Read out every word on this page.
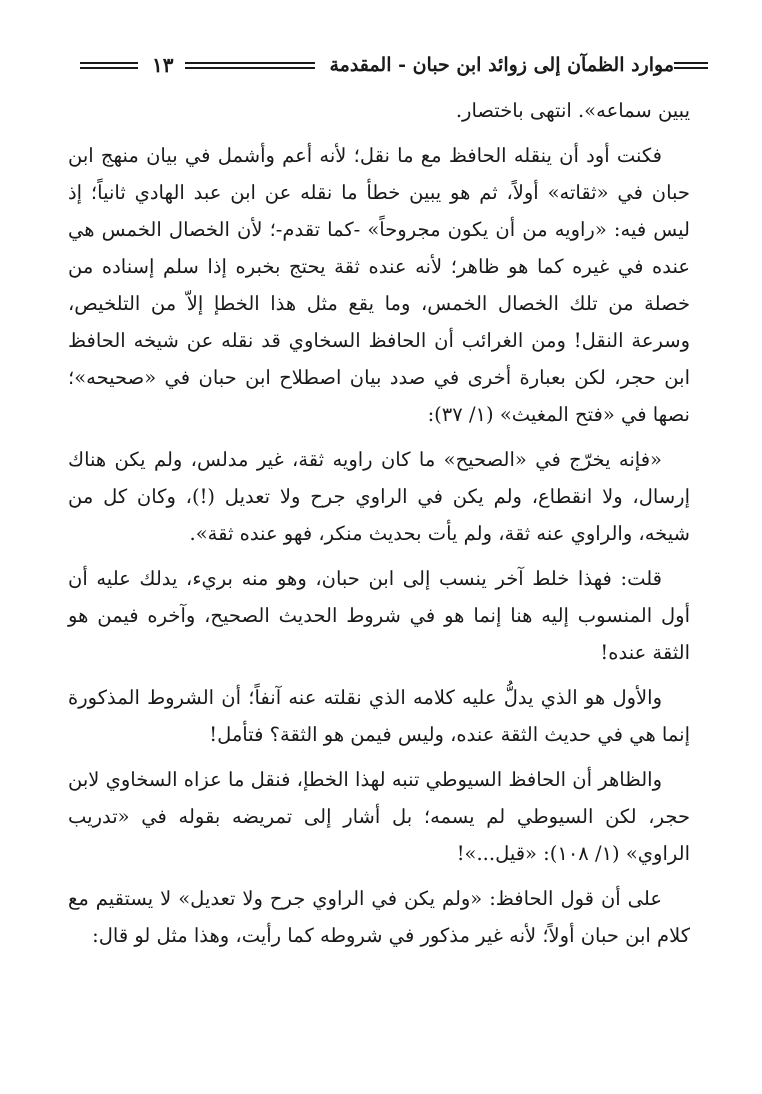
موارد الظمآن إلى زوائد ابن حبان - المقدمة
١٣

يبين سماعه». انتهى باختصار.

فكنت أود أن ينقله الحافظ مع ما نقل؛ لأنه أعم وأشمل في بيان منهج ابن حبان في «ثقاته» أولاً، ثم هو يبين خطأ ما نقله عن ابن عبد الهادي ثانياً؛ إذ ليس فيه: «راويه من أن يكون مجروحاً» -كما تقدم-؛ لأن الخصال الخمس هي عنده في غيره كما هو ظاهر؛ لأنه عنده ثقة يحتج بخبره إذا سلم إسناده من خصلة من تلك الخصال الخمس، وما يقع مثل هذا الخطإ إلاّ من التلخيص، وسرعة النقل! ومن الغرائب أن الحافظ السخاوي قد نقله عن شيخه الحافظ ابن حجر، لكن بعبارة أخرى في صدد بيان اصطلاح ابن حبان في «صحيحه»؛ نصها في «فتح المغيث» (١/ ٣٧):

«فإنه يخرّج في «الصحيح» ما كان راويه ثقة، غير مدلس، ولم يكن هناك إرسال، ولا انقطاع، ولم يكن في الراوي جرح ولا تعديل (!)، وكان كل من شيخه، والراوي عنه ثقة، ولم يأت بحديث منكر، فهو عنده ثقة».

قلت: فهذا خلط آخر ينسب إلى ابن حبان، وهو منه بريء، يدلك عليه أن أول المنسوب إليه هنا إنما هو في شروط الحديث الصحيح، وآخره فيمن هو الثقة عنده!

والأول هو الذي يدلُّ عليه كلامه الذي نقلته عنه آنفاً؛ أن الشروط المذكورة إنما هي في حديث الثقة عنده، وليس فيمن هو الثقة؟ فتأمل!

والظاهر أن الحافظ السيوطي تنبه لهذا الخطإ، فنقل ما عزاه السخاوي لابن حجر، لكن السيوطي لم يسمه؛ بل أشار إلى تمريضه بقوله في «تدريب الراوي» (١/ ١٠٨): «قيل...»!

على أن قول الحافظ: «ولم يكن في الراوي جرح ولا تعديل» لا يستقيم مع كلام ابن حبان أولاً؛ لأنه غير مذكور في شروطه كما رأيت، وهذا مثل لو قال:
